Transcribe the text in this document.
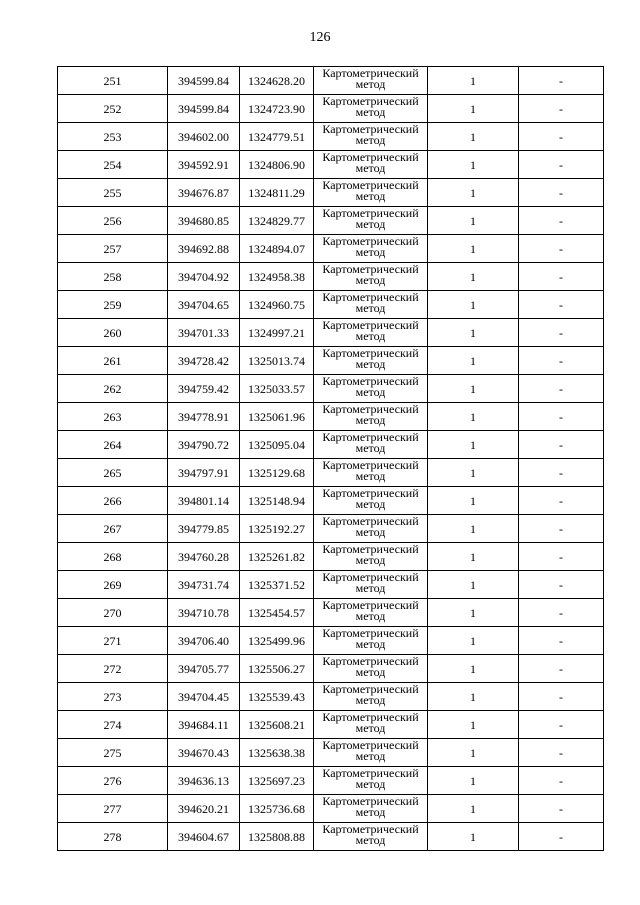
126
251	394599.84	1324628.20	Картометрический
метод	1	-
252	394599.84	1324723.90	Картометрический
метод	1	-
253	394602.00	1324779.51	Картометрический
метод	1	-
254	394592.91	1324806.90	Картометрический
метод	1	-
255	394676.87	1324811.29	Картометрический
метод	1	-
256	394680.85	1324829.77	Картометрический
метод	1	-
257	394692.88	1324894.07	Картометрический
метод	1	-
258	394704.92	1324958.38	Картометрический
метод	1	-
259	394704.65	1324960.75	Картометрический
метод	1	-
260	394701.33	1324997.21	Картометрический
метод	1	-
261	394728.42	1325013.74	Картометрический
метод	1	-
262	394759.42	1325033.57	Картометрический
метод	1	-
263	394778.91	1325061.96	Картометрический
метод	1	-
264	394790.72	1325095.04	Картометрический
метод	1	-
265	394797.91	1325129.68	Картометрический
метод	1	-
266	394801.14	1325148.94	Картометрический
метод	1	-
267	394779.85	1325192.27	Картометрический
метод	1	-
268	394760.28	1325261.82	Картометрический
метод	1	-
269	394731.74	1325371.52	Картометрический
метод	1	-
270	394710.78	1325454.57	Картометрический
метод	1	-
271	394706.40	1325499.96	Картометрический
метод	1	-
272	394705.77	1325506.27	Картометрический
метод	1	-
273	394704.45	1325539.43	Картометрический
метод	1	-
274	394684.11	1325608.21	Картометрический
метод	1	-
275	394670.43	1325638.38	Картометрический
метод	1	-
276	394636.13	1325697.23	Картометрический
метод	1	-
277	394620.21	1325736.68	Картометрический
метод	1	-
278	394604.67	1325808.88	Картометрический
метод	1	-
